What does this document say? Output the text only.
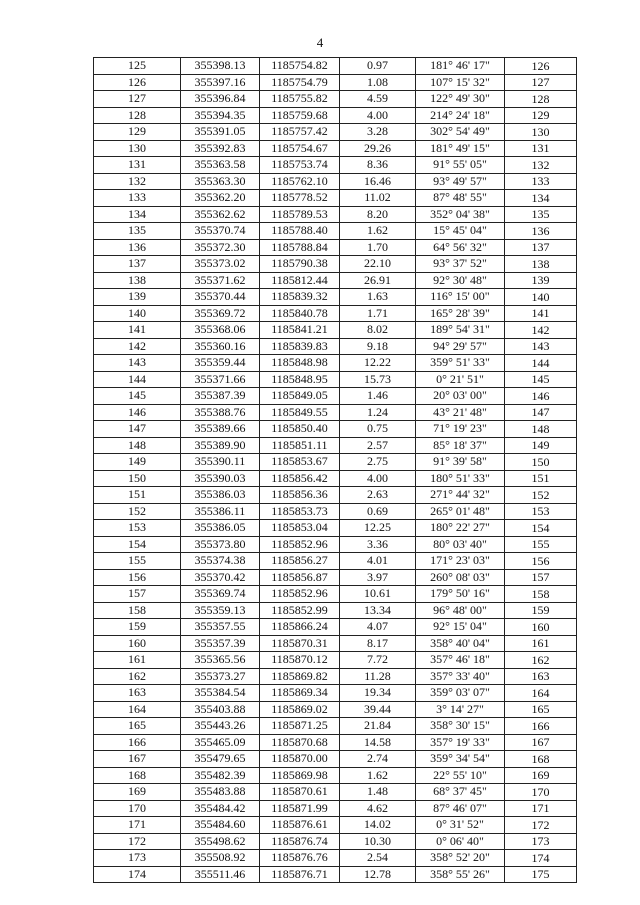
4
125	355398.13	1185754.82	0.97	181° 46' 17"	126
126	355397.16	1185754.79	1.08	107° 15' 32"	127
127	355396.84	1185755.82	4.59	122° 49' 30"	128
128	355394.35	1185759.68	4.00	214° 24' 18"	129
129	355391.05	1185757.42	3.28	302° 54' 49"	130
130	355392.83	1185754.67	29.26	181° 49' 15"	131
131	355363.58	1185753.74	8.36	91° 55' 05"	132
132	355363.30	1185762.10	16.46	93° 49' 57"	133
133	355362.20	1185778.52	11.02	87° 48' 55"	134
134	355362.62	1185789.53	8.20	352° 04' 38"	135
135	355370.74	1185788.40	1.62	15° 45' 04"	136
136	355372.30	1185788.84	1.70	64° 56' 32"	137
137	355373.02	1185790.38	22.10	93° 37' 52"	138
138	355371.62	1185812.44	26.91	92° 30' 48"	139
139	355370.44	1185839.32	1.63	116° 15' 00"	140
140	355369.72	1185840.78	1.71	165° 28' 39"	141
141	355368.06	1185841.21	8.02	189° 54' 31"	142
142	355360.16	1185839.83	9.18	94° 29' 57"	143
143	355359.44	1185848.98	12.22	359° 51' 33"	144
144	355371.66	1185848.95	15.73	0° 21' 51"	145
145	355387.39	1185849.05	1.46	20° 03' 00"	146
146	355388.76	1185849.55	1.24	43° 21' 48"	147
147	355389.66	1185850.40	0.75	71° 19' 23"	148
148	355389.90	1185851.11	2.57	85° 18' 37"	149
149	355390.11	1185853.67	2.75	91° 39' 58"	150
150	355390.03	1185856.42	4.00	180° 51' 33"	151
151	355386.03	1185856.36	2.63	271° 44' 32"	152
152	355386.11	1185853.73	0.69	265° 01' 48"	153
153	355386.05	1185853.04	12.25	180° 22' 27"	154
154	355373.80	1185852.96	3.36	80° 03' 40"	155
155	355374.38	1185856.27	4.01	171° 23' 03"	156
156	355370.42	1185856.87	3.97	260° 08' 03"	157
157	355369.74	1185852.96	10.61	179° 50' 16"	158
158	355359.13	1185852.99	13.34	96° 48' 00"	159
159	355357.55	1185866.24	4.07	92° 15' 04"	160
160	355357.39	1185870.31	8.17	358° 40' 04"	161
161	355365.56	1185870.12	7.72	357° 46' 18"	162
162	355373.27	1185869.82	11.28	357° 33' 40"	163
163	355384.54	1185869.34	19.34	359° 03' 07"	164
164	355403.88	1185869.02	39.44	3° 14' 27"	165
165	355443.26	1185871.25	21.84	358° 30' 15"	166
166	355465.09	1185870.68	14.58	357° 19' 33"	167
167	355479.65	1185870.00	2.74	359° 34' 54"	168
168	355482.39	1185869.98	1.62	22° 55' 10"	169
169	355483.88	1185870.61	1.48	68° 37' 45"	170
170	355484.42	1185871.99	4.62	87° 46' 07"	171
171	355484.60	1185876.61	14.02	0° 31' 52"	172
172	355498.62	1185876.74	10.30	0° 06' 40"	173
173	355508.92	1185876.76	2.54	358° 52' 20"	174
174	355511.46	1185876.71	12.78	358° 55' 26"	175
